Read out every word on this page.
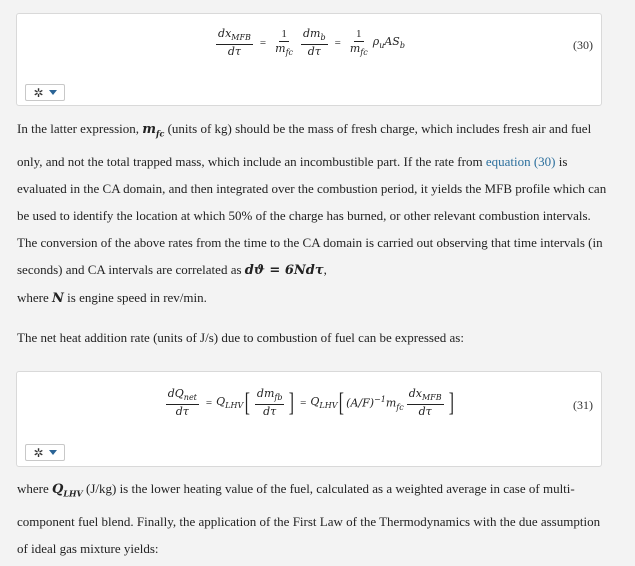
$\frac{dx_{MFB}}{d\tau} = \frac{1}{m_{fc}} \frac{dm_b}{d\tau} = \frac{1}{m_{fc}} \rho_uAS_b$	(30)
✲
In the latter expression, $m_{fc}$ (units of kg) should be the mass of fresh charge, which includes fresh air and fuel only, and not the total trapped mass, which include an incombustible part. If the rate from equation (30) is evaluated in the CA domain, and then integrated over the combustion period, it yields the MFB profile which can be used to identify the location at which 50% of the charge has burned, or other relevant combustion intervals. The conversion of the above rates from the time to the CA domain is carried out observing that time intervals (in seconds) and CA intervals are correlated as dϑ = 6Ndτ,
where N is engine speed in rev/min.
The net heat addition rate (units of J/s) due to combustion of fuel can be expressed as:
$\frac{dQ_{net}}{d\tau} = Q_{LHV}$ [ $\frac{dm_{fb}}{d\tau}$ ] = $Q_{LHV}$ [ $(A/F)^{-1}m_{fc} \frac{dx_{MFB}}{d\tau}$ ]	(31)
✲
where $Q_{LHV}$ (J/kg) is the lower heating value of the fuel, calculated as a weighted average in case of multi-component fuel blend. Finally, the application of the First Law of the Thermodynamics with the due assumption of ideal gas mixture yields:
